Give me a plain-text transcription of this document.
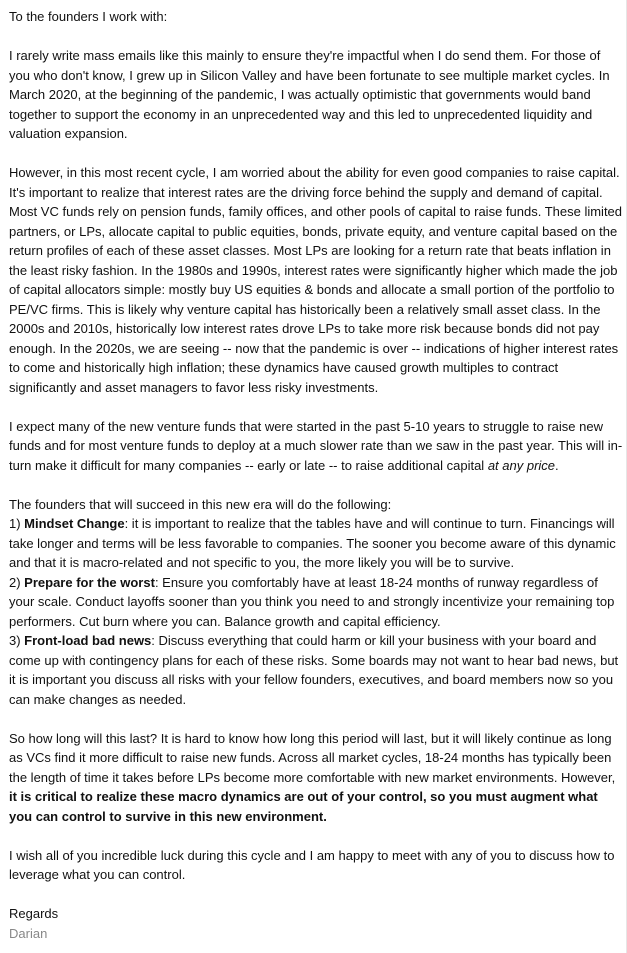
To the founders I work with:

I rarely write mass emails like this mainly to ensure they're impactful when I do send them. For those of you who don't know, I grew up in Silicon Valley and have been fortunate to see multiple market cycles. In March 2020, at the beginning of the pandemic, I was actually optimistic that governments would band together to support the economy in an unprecedented way and this led to unprecedented liquidity and valuation expansion.

However, in this most recent cycle, I am worried about the ability for even good companies to raise capital. It's important to realize that interest rates are the driving force behind the supply and demand of capital. Most VC funds rely on pension funds, family offices, and other pools of capital to raise funds. These limited partners, or LPs, allocate capital to public equities, bonds, private equity, and venture capital based on the return profiles of each of these asset classes. Most LPs are looking for a return rate that beats inflation in the least risky fashion. In the 1980s and 1990s, interest rates were significantly higher which made the job of capital allocators simple: mostly buy US equities & bonds and allocate a small portion of the portfolio to PE/VC firms. This is likely why venture capital has historically been a relatively small asset class. In the 2000s and 2010s, historically low interest rates drove LPs to take more risk because bonds did not pay enough. In the 2020s, we are seeing -- now that the pandemic is over -- indications of higher interest rates to come and historically high inflation; these dynamics have caused growth multiples to contract significantly and asset managers to favor less risky investments.

I expect many of the new venture funds that were started in the past 5-10 years to struggle to raise new funds and for most venture funds to deploy at a much slower rate than we saw in the past year. This will in-turn make it difficult for many companies -- early or late -- to raise additional capital at any price.

The founders that will succeed in this new era will do the following:

1) Mindset Change: it is important to realize that the tables have and will continue to turn. Financings will take longer and terms will be less favorable to companies. The sooner you become aware of this dynamic and that it is macro-related and not specific to you, the more likely you will be to survive.

2) Prepare for the worst: Ensure you comfortably have at least 18-24 months of runway regardless of your scale. Conduct layoffs sooner than you think you need to and strongly incentivize your remaining top performers. Cut burn where you can. Balance growth and capital efficiency.

3) Front-load bad news: Discuss everything that could harm or kill your business with your board and come up with contingency plans for each of these risks. Some boards may not want to hear bad news, but it is important you discuss all risks with your fellow founders, executives, and board members now so you can make changes as needed.

So how long will this last? It is hard to know how long this period will last, but it will likely continue as long as VCs find it more difficult to raise new funds. Across all market cycles, 18-24 months has typically been the length of time it takes before LPs become more comfortable with new market environments. However, it is critical to realize these macro dynamics are out of your control, so you must augment what you can control to survive in this new environment.

I wish all of you incredible luck during this cycle and I am happy to meet with any of you to discuss how to leverage what you can control.

Regards

Darian
